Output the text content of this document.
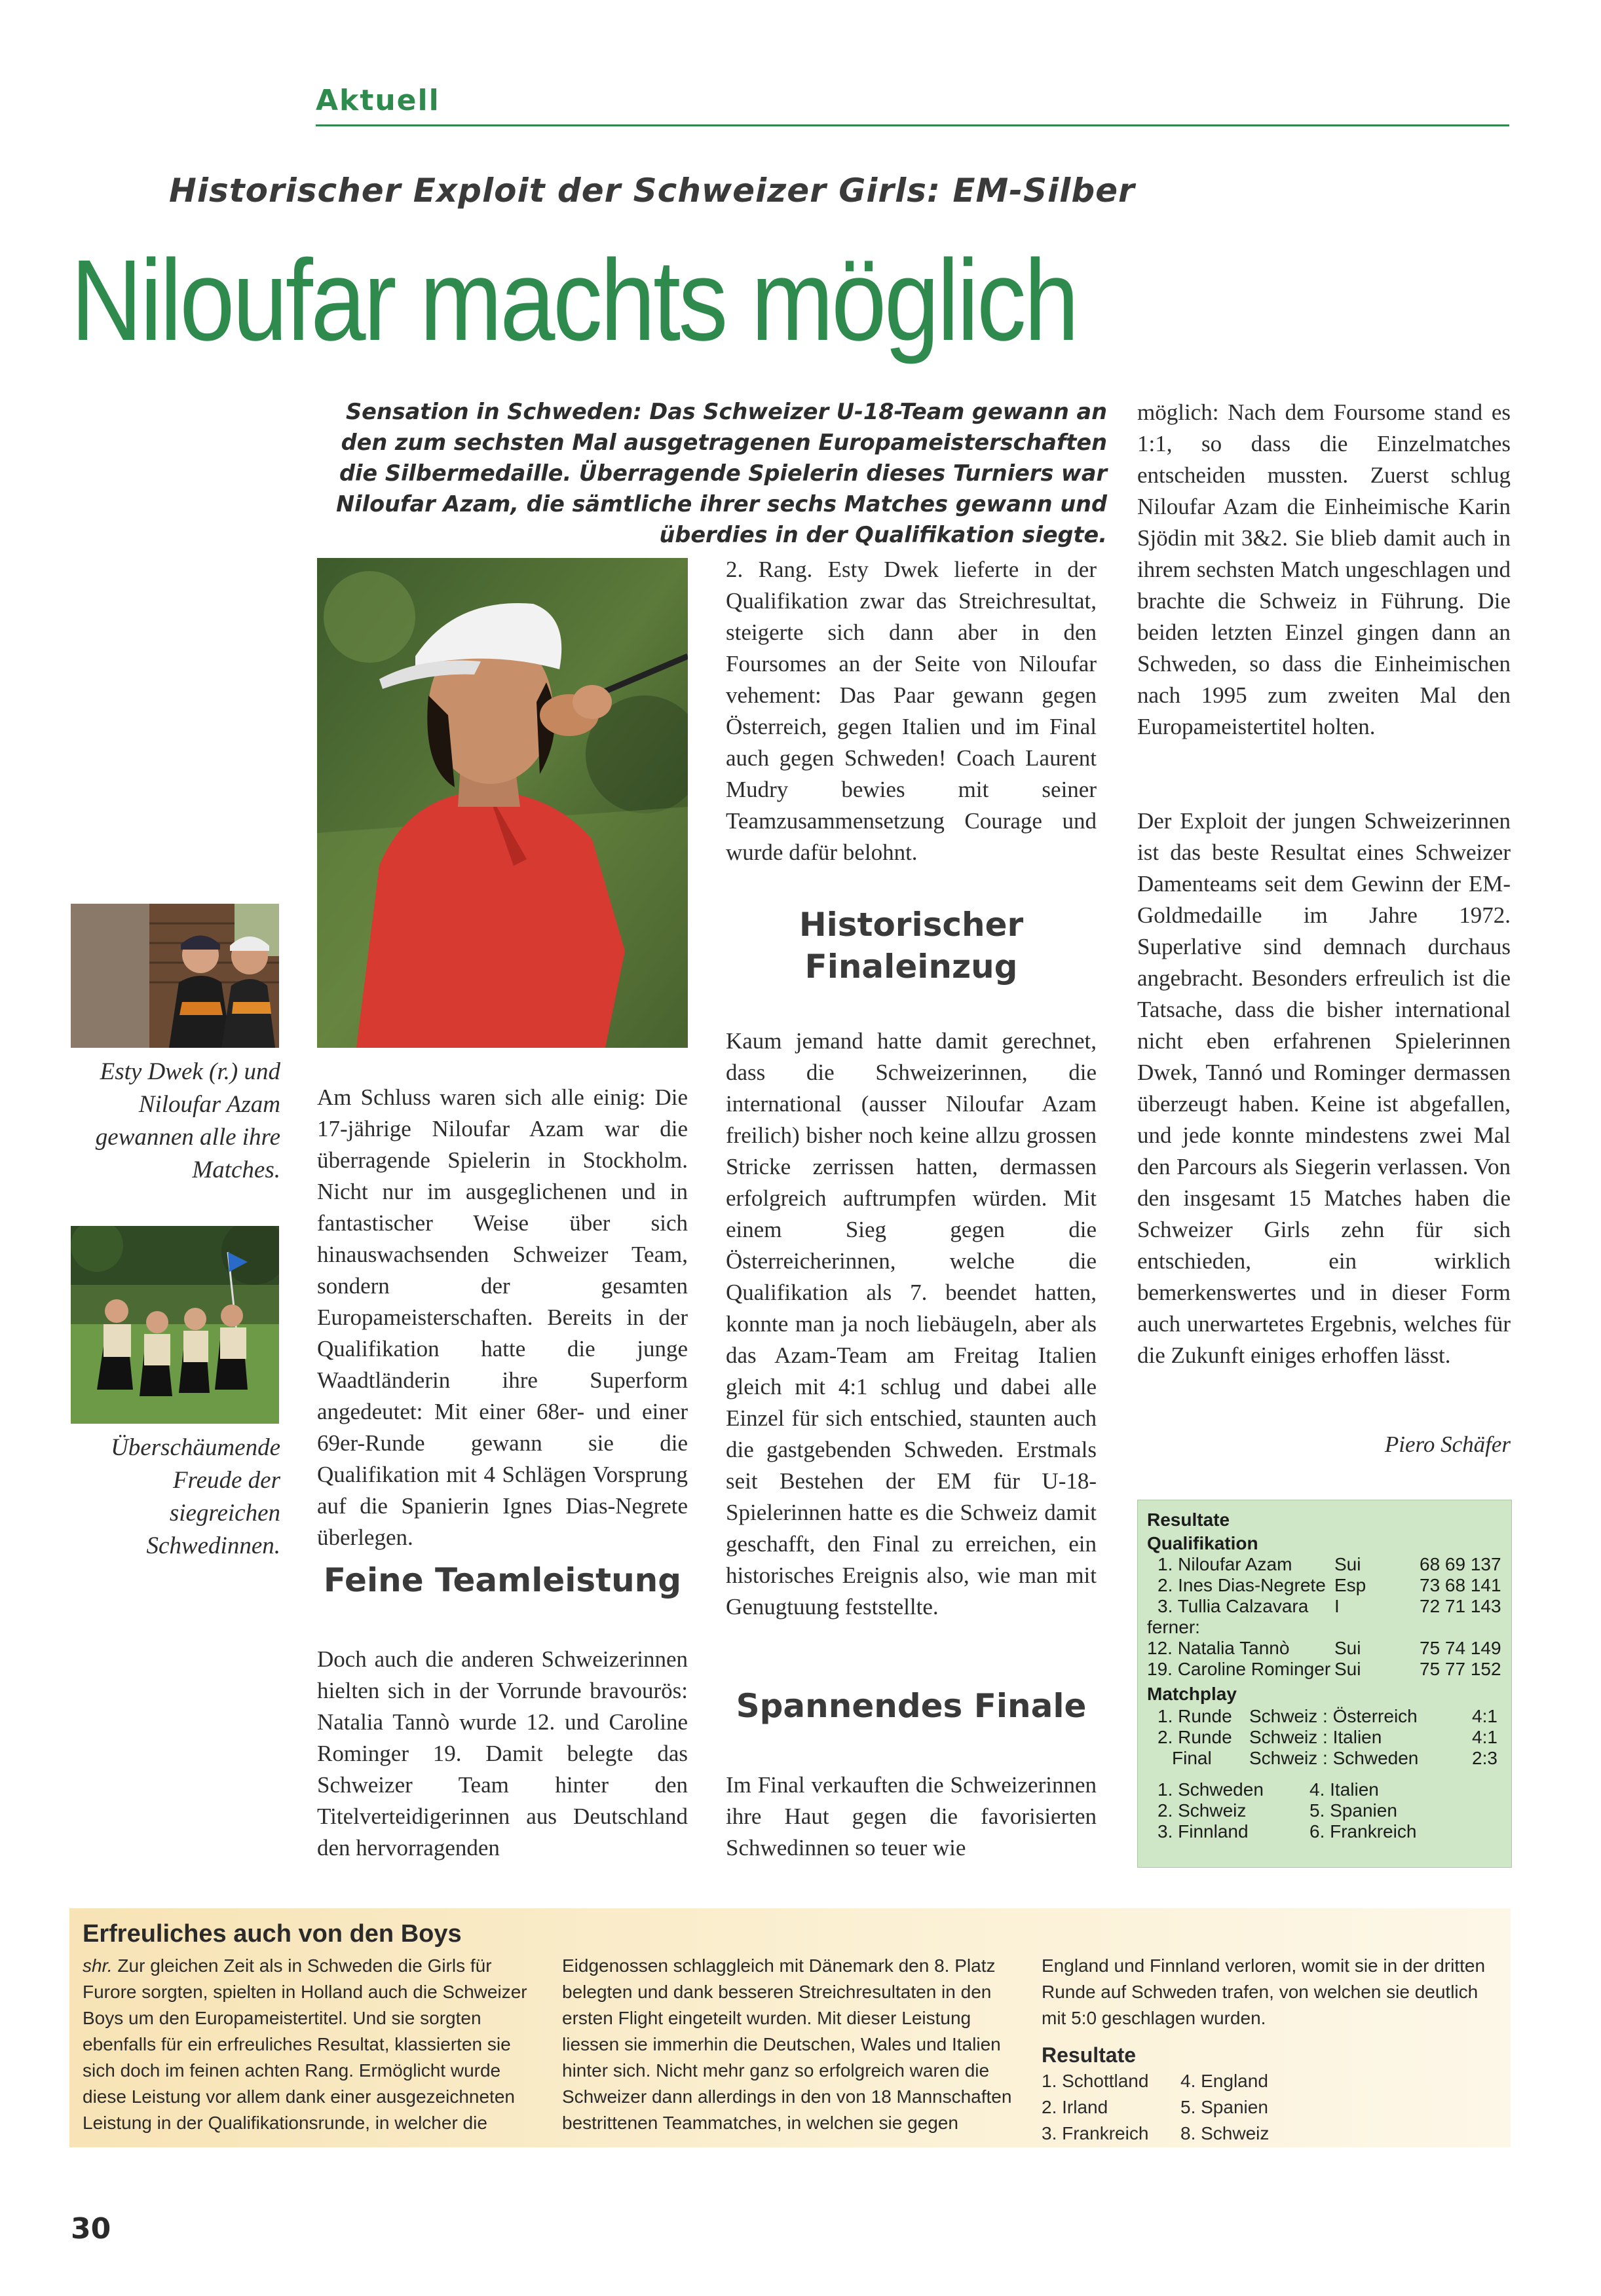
Aktuell
Historischer Exploit der Schweizer Girls: EM-Silber
Niloufar machts möglich
Sensation in Schweden: Das Schweizer U-18-Team gewann an den zum sechsten Mal ausgetragenen Europameisterschaften die Silbermedaille. Überragende Spielerin dieses Turniers war Niloufar Azam, die sämtliche ihrer sechs Matches gewann und überdies in der Qualifikation siegte.
Esty Dwek (r.) und Niloufar Azam gewannen alle ihre Matches.
Überschäumende Freude der siegreichen Schwedinnen.

Am Schluss waren sich alle einig: Die 17-jährige Niloufar Azam war die überragende Spielerin in Stockholm. Nicht nur im ausgeglichenen und in fantastischer Weise über sich hinauswachsenden Schweizer Team, sondern der gesamten Europameisterschaften. Bereits in der Qualifikation hatte die junge Waadtländerin ihre Superform angedeutet: Mit einer 68er- und einer 69er-Runde gewann sie die Qualifikation mit 4 Schlägen Vorsprung auf die Spanierin Ignes Dias-Negrete überlegen.

Feine Teamleistung

Doch auch die anderen Schweizerinnen hielten sich in der Vorrunde bravourös: Natalia Tannò wurde 12. und Caroline Rominger 19. Damit belegte das Schweizer Team hinter den Titelverteidigerinnen aus Deutschland den hervorragenden

2. Rang. Esty Dwek lieferte in der Qualifikation zwar das Streichresultat, steigerte sich dann aber in den Foursomes an der Seite von Niloufar vehement: Das Paar gewann gegen Österreich, gegen Italien und im Final auch gegen Schweden! Coach Laurent Mudry bewies mit seiner Teamzusammensetzung Courage und wurde dafür belohnt.

Historischer
Finaleinzug

Kaum jemand hatte damit gerechnet, dass die Schweizerinnen, die international (ausser Niloufar Azam freilich) bisher noch keine allzu grossen Stricke zerrissen hatten, dermassen erfolgreich auftrumpfen würden. Mit einem Sieg gegen die Österreicherinnen, welche die Qualifikation als 7. beendet hatten, konnte man ja noch liebäugeln, aber als das Azam-Team am Freitag Italien gleich mit 4:1 schlug und dabei alle Einzel für sich entschied, staunten auch die gastgebenden Schweden. Erstmals seit Bestehen der EM für U-18-Spielerinnen hatte es die Schweiz damit geschafft, den Final zu erreichen, ein historisches Ereignis also, wie man mit Genugtuung feststellte.

Spannendes Finale

Im Final verkauften die Schweizerinnen ihre Haut gegen die favorisierten Schwedinnen so teuer wie

möglich: Nach dem Foursome stand es 1:1, so dass die Einzelmatches entscheiden mussten. Zuerst schlug Niloufar Azam die Einheimische Karin Sjödin mit 3&2. Sie blieb damit auch in ihrem sechsten Match ungeschlagen und brachte die Schweiz in Führung. Die beiden letzten Einzel gingen dann an Schweden, so dass die Einheimischen nach 1995 zum zweiten Mal den Europameistertitel holten.

Der Exploit der jungen Schweizerinnen ist das beste Resultat eines Schweizer Damenteams seit dem Gewinn der EM-Goldmedaille im Jahre 1972. Superlative sind demnach durchaus angebracht. Besonders erfreulich ist die Tatsache, dass die bisher international nicht eben erfahrenen Spielerinnen Dwek, Tannó und Rominger dermassen überzeugt haben. Keine ist abgefallen, und jede konnte mindestens zwei Mal den Parcours als Siegerin verlassen. Von den insgesamt 15 Matches haben die Schweizer Girls zehn für sich entschieden, ein wirklich bemerkenswertes und in dieser Form auch unerwartetes Ergebnis, welches für die Zukunft einiges erhoffen lässt.

Piero Schäfer
Resultate
Qualifikation
1. Niloufar Azam Sui	68 69 137
2. Ines Dias-Negrete Esp	73 68 141
3. Tullia Calzavara I	72 71 143
ferner:
12. Natalia Tannò Sui	75 74 149
19. Caroline Rominger Sui	75 77 152
Matchplay
1. Runde Schweiz : Österreich	4:1
2. Runde Schweiz : Italien	4:1
Final Schweiz : Schweden	2:3
1. Schweden	4. Italien
2. Schweiz	5. Spanien
3. Finnland	6. Frankreich
Erfreuliches auch von den Boys

shr. Zur gleichen Zeit als in Schweden die Girls für Furore sorgten, spielten in Holland auch die Schweizer Boys um den Europameistertitel. Und sie sorgten ebenfalls für ein erfreuliches Resultat, klassierten sie sich doch im feinen achten Rang. Ermöglicht wurde diese Leistung vor allem dank einer ausgezeichneten Leistung in der Qualifikationsrunde, in welcher die

Eidgenossen schlaggleich mit Dänemark den 8. Platz belegten und dank besseren Streichresultaten in den ersten Flight eingeteilt wurden. Mit dieser Leistung liessen sie immerhin die Deutschen, Wales und Italien hinter sich. Nicht mehr ganz so erfolgreich waren die Schweizer dann allerdings in den von 18 Mannschaften bestrittenen Teammatches, in welchen sie gegen

England und Finnland verloren, womit sie in der dritten Runde auf Schweden trafen, von welchen sie deutlich mit 5:0 geschlagen wurden.

Resultate
1. Schottland 4. England
2. Irland	5. Spanien
3. Frankreich 8. Schweiz
30
